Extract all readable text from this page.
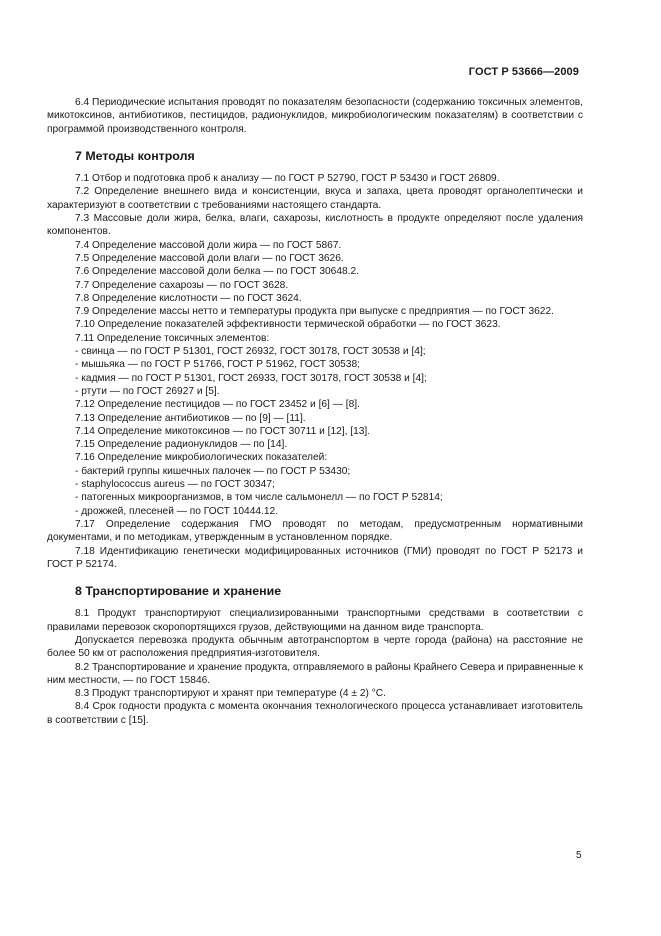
ГОСТ Р 53666—2009
6.4 Периодические испытания проводят по показателям безопасности (содержанию токсичных элементов, микотоксинов, антибиотиков, пестицидов, радионуклидов, микробиологическим показателям) в соответствии с программой производственного контроля.
7 Методы контроля
7.1 Отбор и подготовка проб к анализу — по ГОСТ Р 52790, ГОСТ Р 53430 и ГОСТ 26809.
7.2 Определение внешнего вида и консистенции, вкуса и запаха, цвета проводят органолептически и характеризуют в соответствии с требованиями настоящего стандарта.
7.3 Массовые доли жира, белка, влаги, сахарозы, кислотность в продукте определяют после удаления компонентов.
7.4 Определение массовой доли жира — по ГОСТ 5867.
7.5 Определение массовой доли влаги — по ГОСТ 3626.
7.6 Определение массовой доли белка — по ГОСТ 30648.2.
7.7 Определение сахарозы — по ГОСТ 3628.
7.8 Определение кислотности — по ГОСТ 3624.
7.9 Определение массы нетто и температуры продукта при выпуске с предприятия — по ГОСТ 3622.
7.10 Определение показателей эффективности термической обработки — по ГОСТ 3623.
7.11 Определение токсичных элементов:
- свинца — по ГОСТ Р 51301, ГОСТ 26932, ГОСТ 30178, ГОСТ 30538 и [4];
- мышьяка — по ГОСТ Р 51766, ГОСТ Р 51962, ГОСТ 30538;
- кадмия — по ГОСТ Р 51301, ГОСТ 26933, ГОСТ 30178, ГОСТ 30538 и [4];
- ртути — по ГОСТ 26927 и [5].
7.12 Определение пестицидов — по ГОСТ 23452 и [6] — [8].
7.13 Определение антибиотиков — по [9] — [11].
7.14 Определение микотоксинов — по ГОСТ 30711 и [12], [13].
7.15 Определение радионуклидов — по [14].
7.16 Определение микробиологических показателей:
- бактерий группы кишечных палочек — по ГОСТ Р 53430;
- staphylococcus aureus — по ГОСТ 30347;
- патогенных микроорганизмов, в том числе сальмонелл — по ГОСТ Р 52814;
- дрожжей, плесеней — по ГОСТ 10444.12.
7.17 Определение содержания ГМО проводят по методам, предусмотренным нормативными документами, и по методикам, утвержденным в установленном порядке.
7.18 Идентификацию генетически модифицированных источников (ГМИ) проводят по ГОСТ Р 52173 и ГОСТ Р 52174.
8 Транспортирование и хранение
8.1 Продукт транспортируют специализированными транспортными средствами в соответствии с правилами перевозок скоропортящихся грузов, действующими на данном виде транспорта.
Допускается перевозка продукта обычным автотранспортом в черте города (района) на расстояние не более 50 км от расположения предприятия-изготовителя.
8.2 Транспортирование и хранение продукта, отправляемого в районы Крайнего Севера и приравненные к ним местности, — по ГОСТ 15846.
8.3 Продукт транспортируют и хранят при температуре (4 ± 2) °С.
8.4 Срок годности продукта с момента окончания технологического процесса устанавливает изготовитель в соответствии с [15].
5
